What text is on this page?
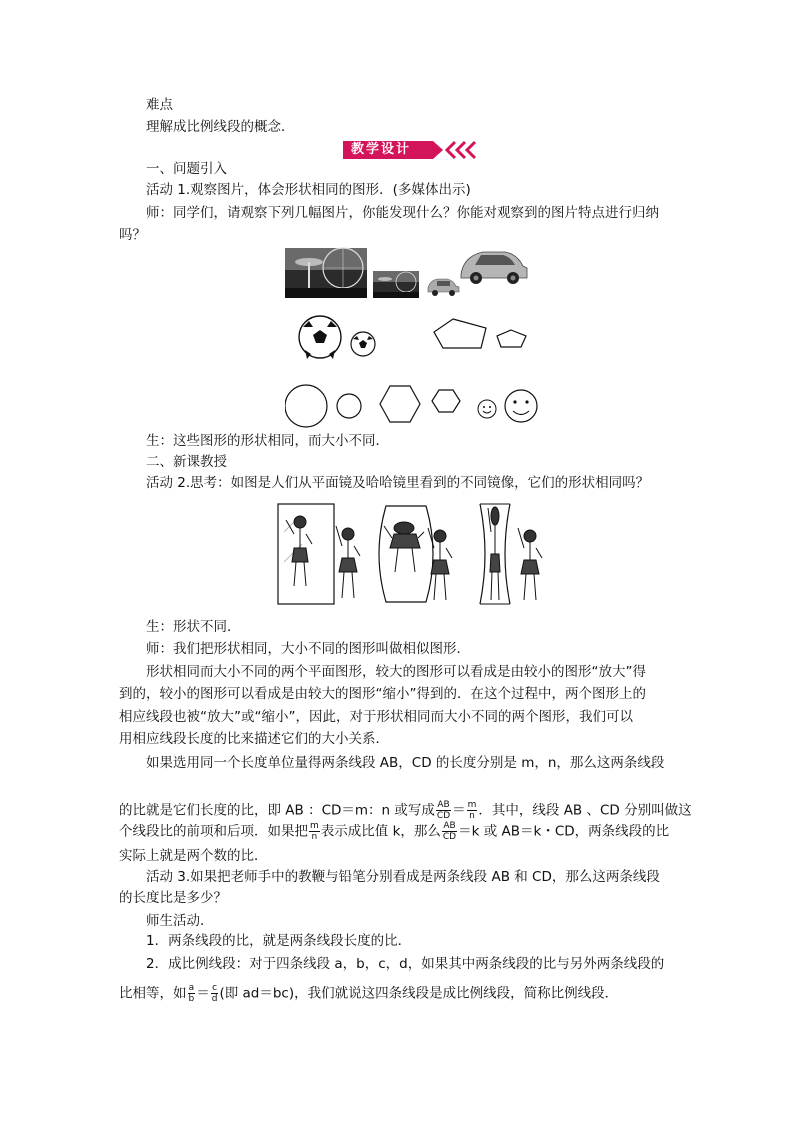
难点
理解成比例线段的概念．
教学设计
一、问题引入
活动 1.观察图片，体会形状相同的图形．(多媒体出示)
师：同学们，请观察下列几幅图片，你能发现什么？你能对观察到的图片特点进行归纳
吗？
生：这些图形的形状相同，而大小不同．
二、新课教授
活动 2.思考：如图是人们从平面镜及哈哈镜里看到的不同镜像，它们的形状相同吗？
生：形状不同．
师：我们把形状相同，大小不同的图形叫做相似图形．
形状相同而大小不同的两个平面图形，较大的图形可以看成是由较小的图形“放大”得
到的，较小的图形可以看成是由较大的图形“缩小”得到的．在这个过程中，两个图形上的
相应线段也被“放大”或“缩小”，因此，对于形状相同而大小不同的两个图形，我们可以
用相应线段长度的比来描述它们的大小关系．
如果选用同一个长度单位量得两条线段 AB，CD 的长度分别是 m，n，那么这两条线段
的比就是它们长度的比，即 AB ：CD＝m：n 或写成 $\frac{AB}{CD} = \frac{m}{n}$ ．其中，线段 AB 、CD 分别叫做这
个线段比的前项和后项．如果把 $\frac{m}{n}$ 表示成比值 k，那么 $\frac{AB}{CD} =k$ 或 AB＝k・CD，两条线段的比
实际上就是两个数的比．
活动 3.如果把老师手中的教鞭与铅笔分别看成是两条线段 AB 和 CD，那么这两条线段
的长度比是多少？
师生活动．
1．两条线段的比，就是两条线段长度的比．
2．成比例线段：对于四条线段 a，b，c，d，如果其中两条线段的比与另外两条线段的
比相等，如 $\frac{a}{b} = \frac{c}{d}$ (即 ad＝bc)，我们就说这四条线段是成比例线段，简称比例线段．
